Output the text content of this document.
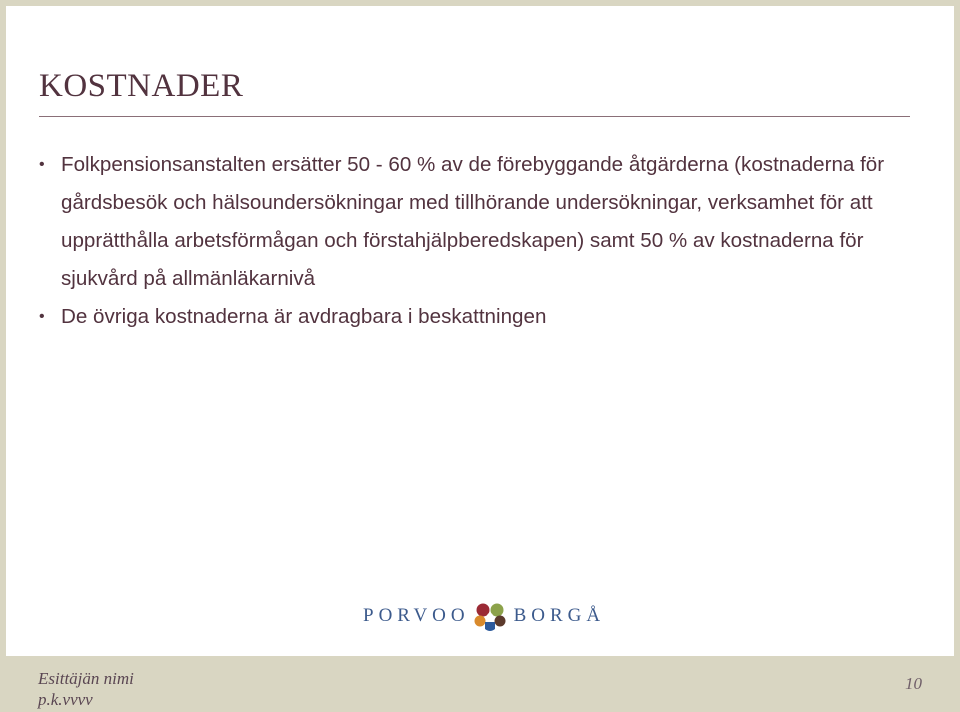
KOSTNADER
• Folkpensionsanstalten ersätter 50 - 60 % av de förebyggande åtgärderna (kostnaderna för gårdsbesök och hälsoundersökningar med tillhörande undersökningar, verksamhet för att upprätthålla arbetsförmågan och förstahjälpberedskapen) samt 50 % av kostnaderna för sjukvård på allmänläkarnivå
• De övriga kostnaderna är avdragbara i beskattningen
PORVOO BORGÅ
Esittäjän nimi
p.k.vvvv
10
